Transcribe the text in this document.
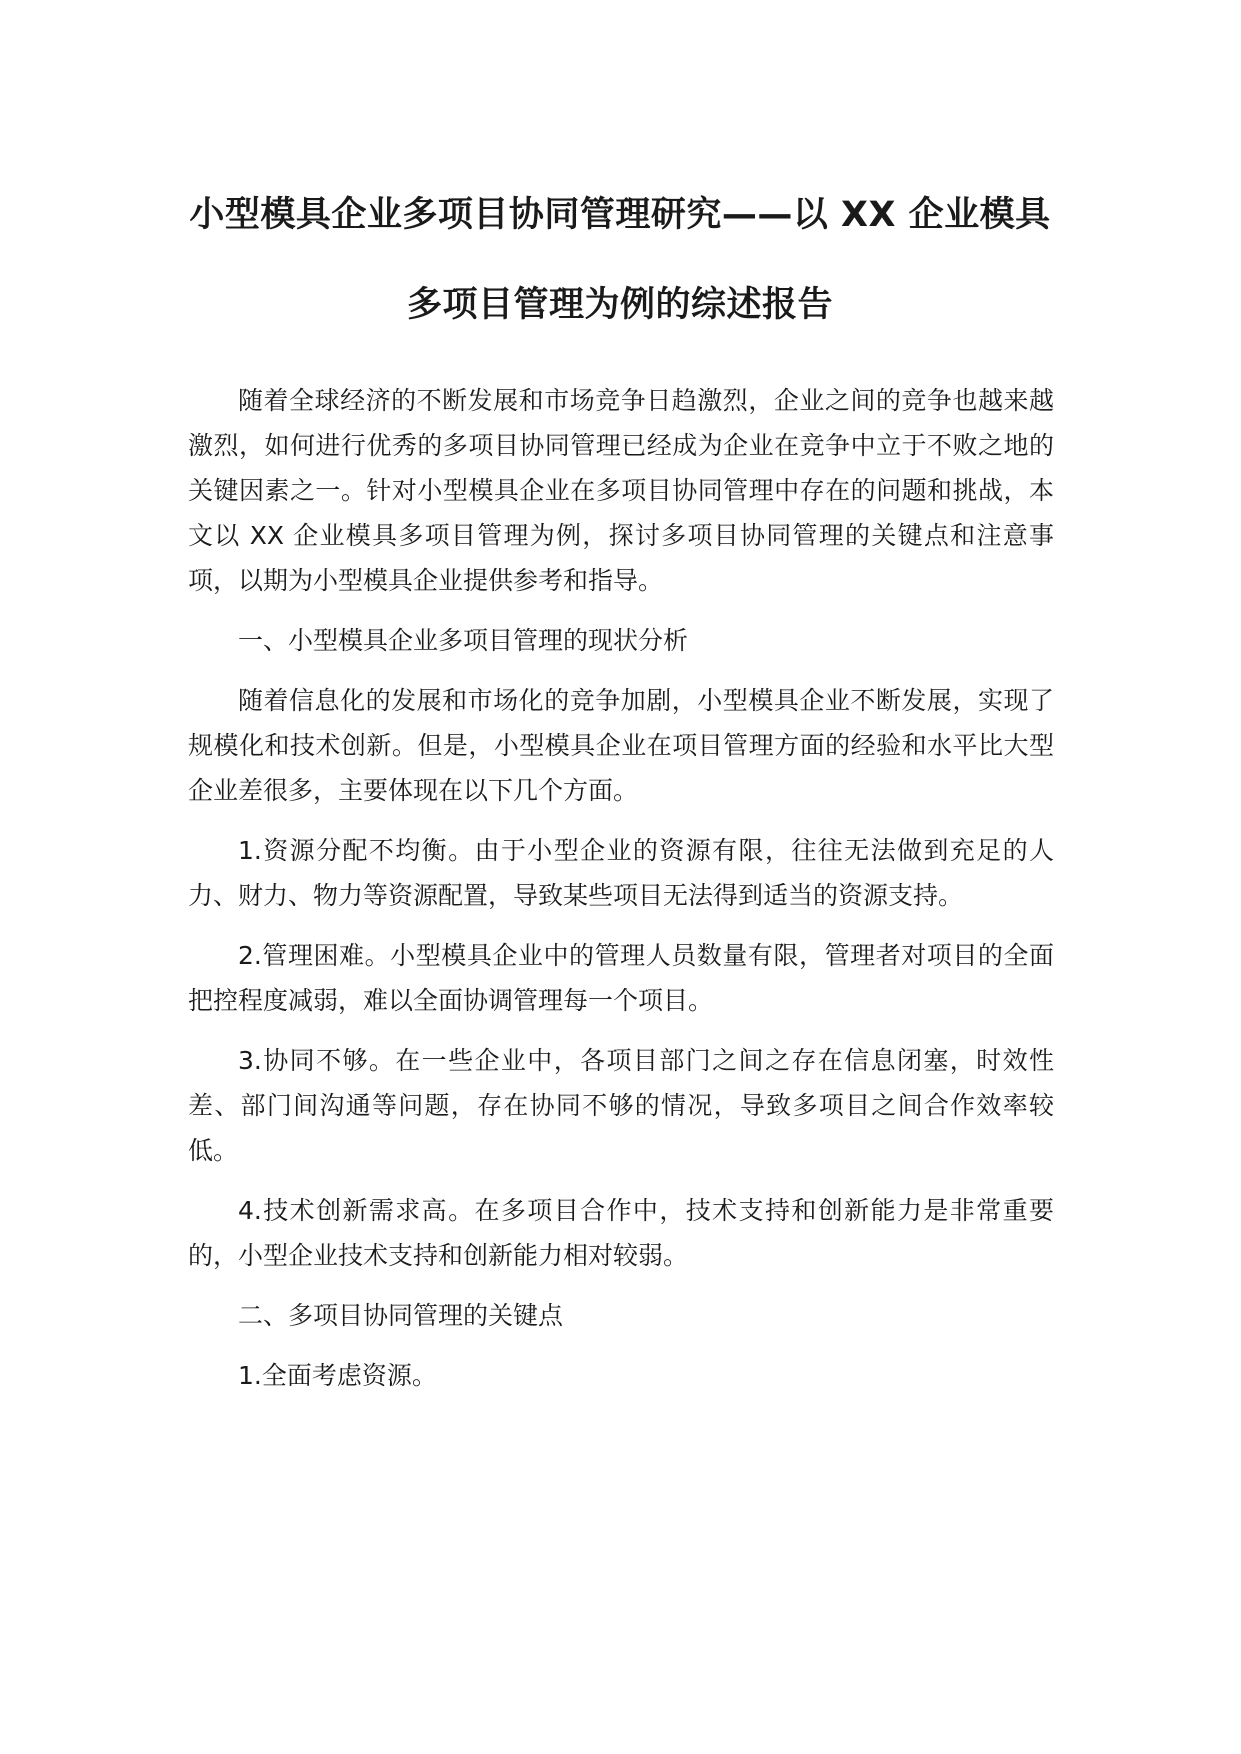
小型模具企业多项目协同管理研究——以 XX 企业模具多项目管理为例的综述报告

随着全球经济的不断发展和市场竞争日趋激烈，企业之间的竞争也越来越激烈，如何进行优秀的多项目协同管理已经成为企业在竞争中立于不败之地的关键因素之一。针对小型模具企业在多项目协同管理中存在的问题和挑战，本文以 XX 企业模具多项目管理为例，探讨多项目协同管理的关键点和注意事项，以期为小型模具企业提供参考和指导。

一、小型模具企业多项目管理的现状分析

随着信息化的发展和市场化的竞争加剧，小型模具企业不断发展，实现了规模化和技术创新。但是，小型模具企业在项目管理方面的经验和水平比大型企业差很多，主要体现在以下几个方面。

1.资源分配不均衡。由于小型企业的资源有限，往往无法做到充足的人力、财力、物力等资源配置，导致某些项目无法得到适当的资源支持。

2.管理困难。小型模具企业中的管理人员数量有限，管理者对项目的全面把控程度减弱，难以全面协调管理每一个项目。

3.协同不够。在一些企业中，各项目部门之间之存在信息闭塞，时效性差、部门间沟通等问题，存在协同不够的情况，导致多项目之间合作效率较低。

4.技术创新需求高。在多项目合作中，技术支持和创新能力是非常重要的，小型企业技术支持和创新能力相对较弱。

二、多项目协同管理的关键点

1.全面考虑资源。
